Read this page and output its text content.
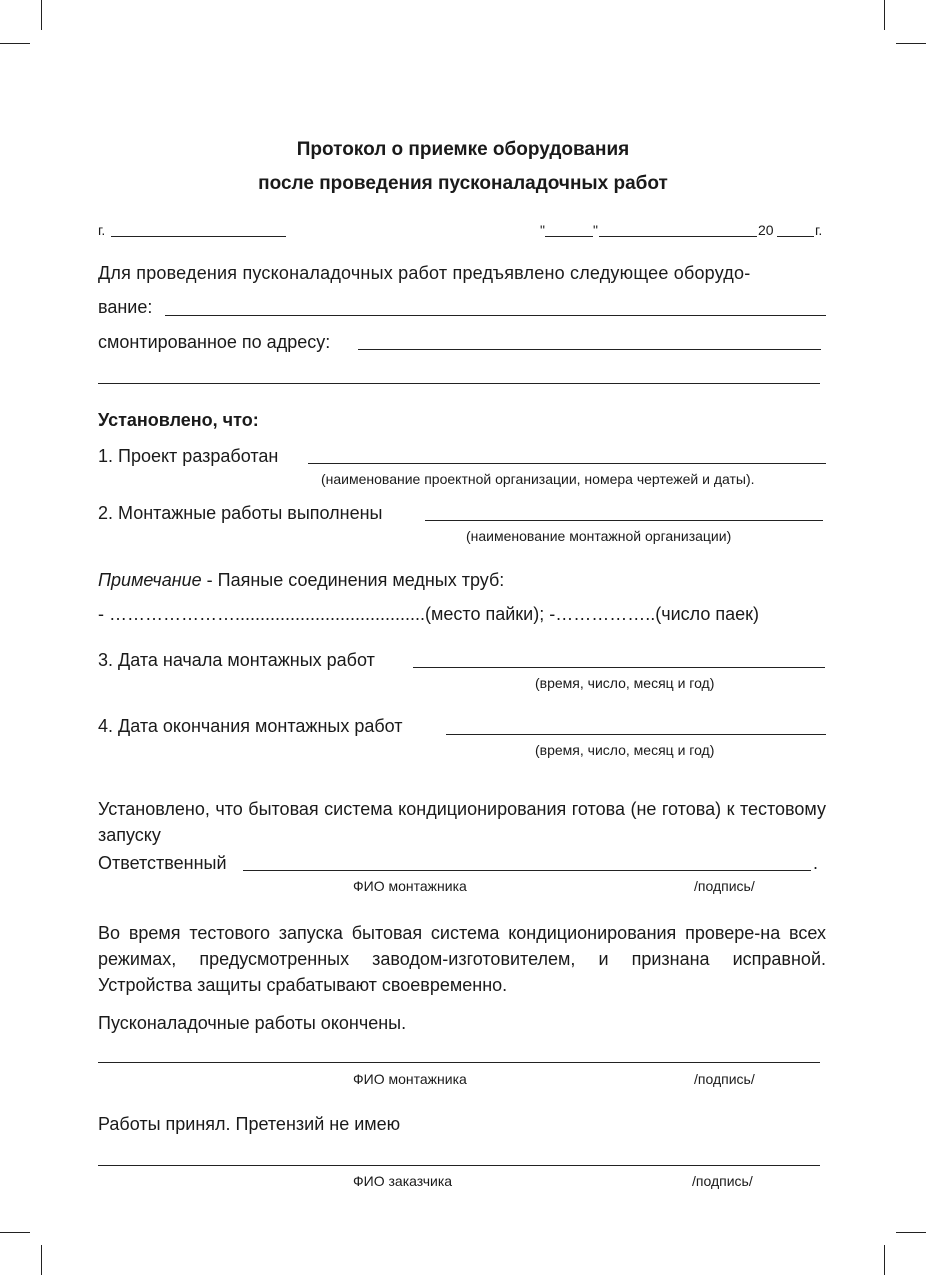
Протокол о приемке оборудования
после проведения пусконаладочных работ
г.	"	"	20	г.
Для проведения пусконаладочных работ предъявлено следующее оборудо-
вание:
смонтированное по адресу:
Установлено, что:
1. Проект разработан
(наименование проектной организации, номера чертежей и даты).
2. Монтажные работы выполнены
(наименование монтажной организации)
Примечание - Паяные соединения медных труб:
- …………………......................................(место пайки); -……………..(число паек)
3. Дата начала монтажных работ
(время, число, месяц и год)
4. Дата окончания монтажных работ
(время, число, месяц и год)
Установлено, что бытовая система кондиционирования готова (не готова) к тестовому запуску
Ответственный	.
ФИО монтажника	/подпись/
Во время тестового запуска бытовая система кондиционирования провере-на всех режимах, предусмотренных заводом-изготовителем, и признана исправной. Устройства защиты срабатывают своевременно.
Пусконаладочные работы окончены.
ФИО монтажника	/подпись/
Работы принял. Претензий не имею
ФИО заказчика	/подпись/
